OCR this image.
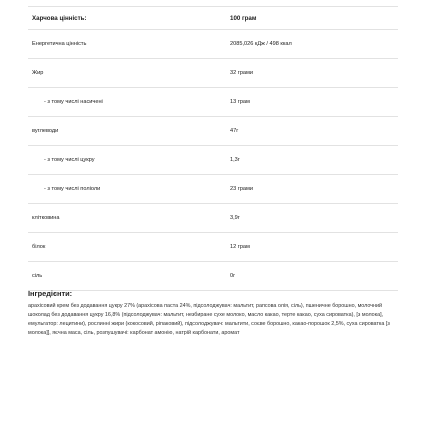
Харчова цінність:	100 грам
Енергетична цінність	2085,026 кДж / 498 ккал
Жир	32 грами
- з тому числі насичені	13 грам
вуглеводи	47г
- з тому числі цукру	1,3г
- з тому числі поліоли	23 грами
клітковина	3,9г
білок	12 грам
сіль	0г
Інгредієнти:
арахісовий крем без додавання цукру 27% (арахісова паста 24%, підсолоджувач: мальтит, рапсова олія, сіль), пшеничне борошно, молочний шоколад без додавання цукру 16,8% (підсолоджувач: мальтит, незбиране сухе молоко, масло какао, терте какао, суха сироватка), [з молока], емульгатор: лецитини), рослинні жири (кокосовий, ріпаковий), підсолоджувач: мальтити, соєве борошно, какао-порошок 2,5%, суха сироватка [з молока]], яєчна маса, сіль, розпушувачі: карбонат амонію, натрій карбонати, аромат
